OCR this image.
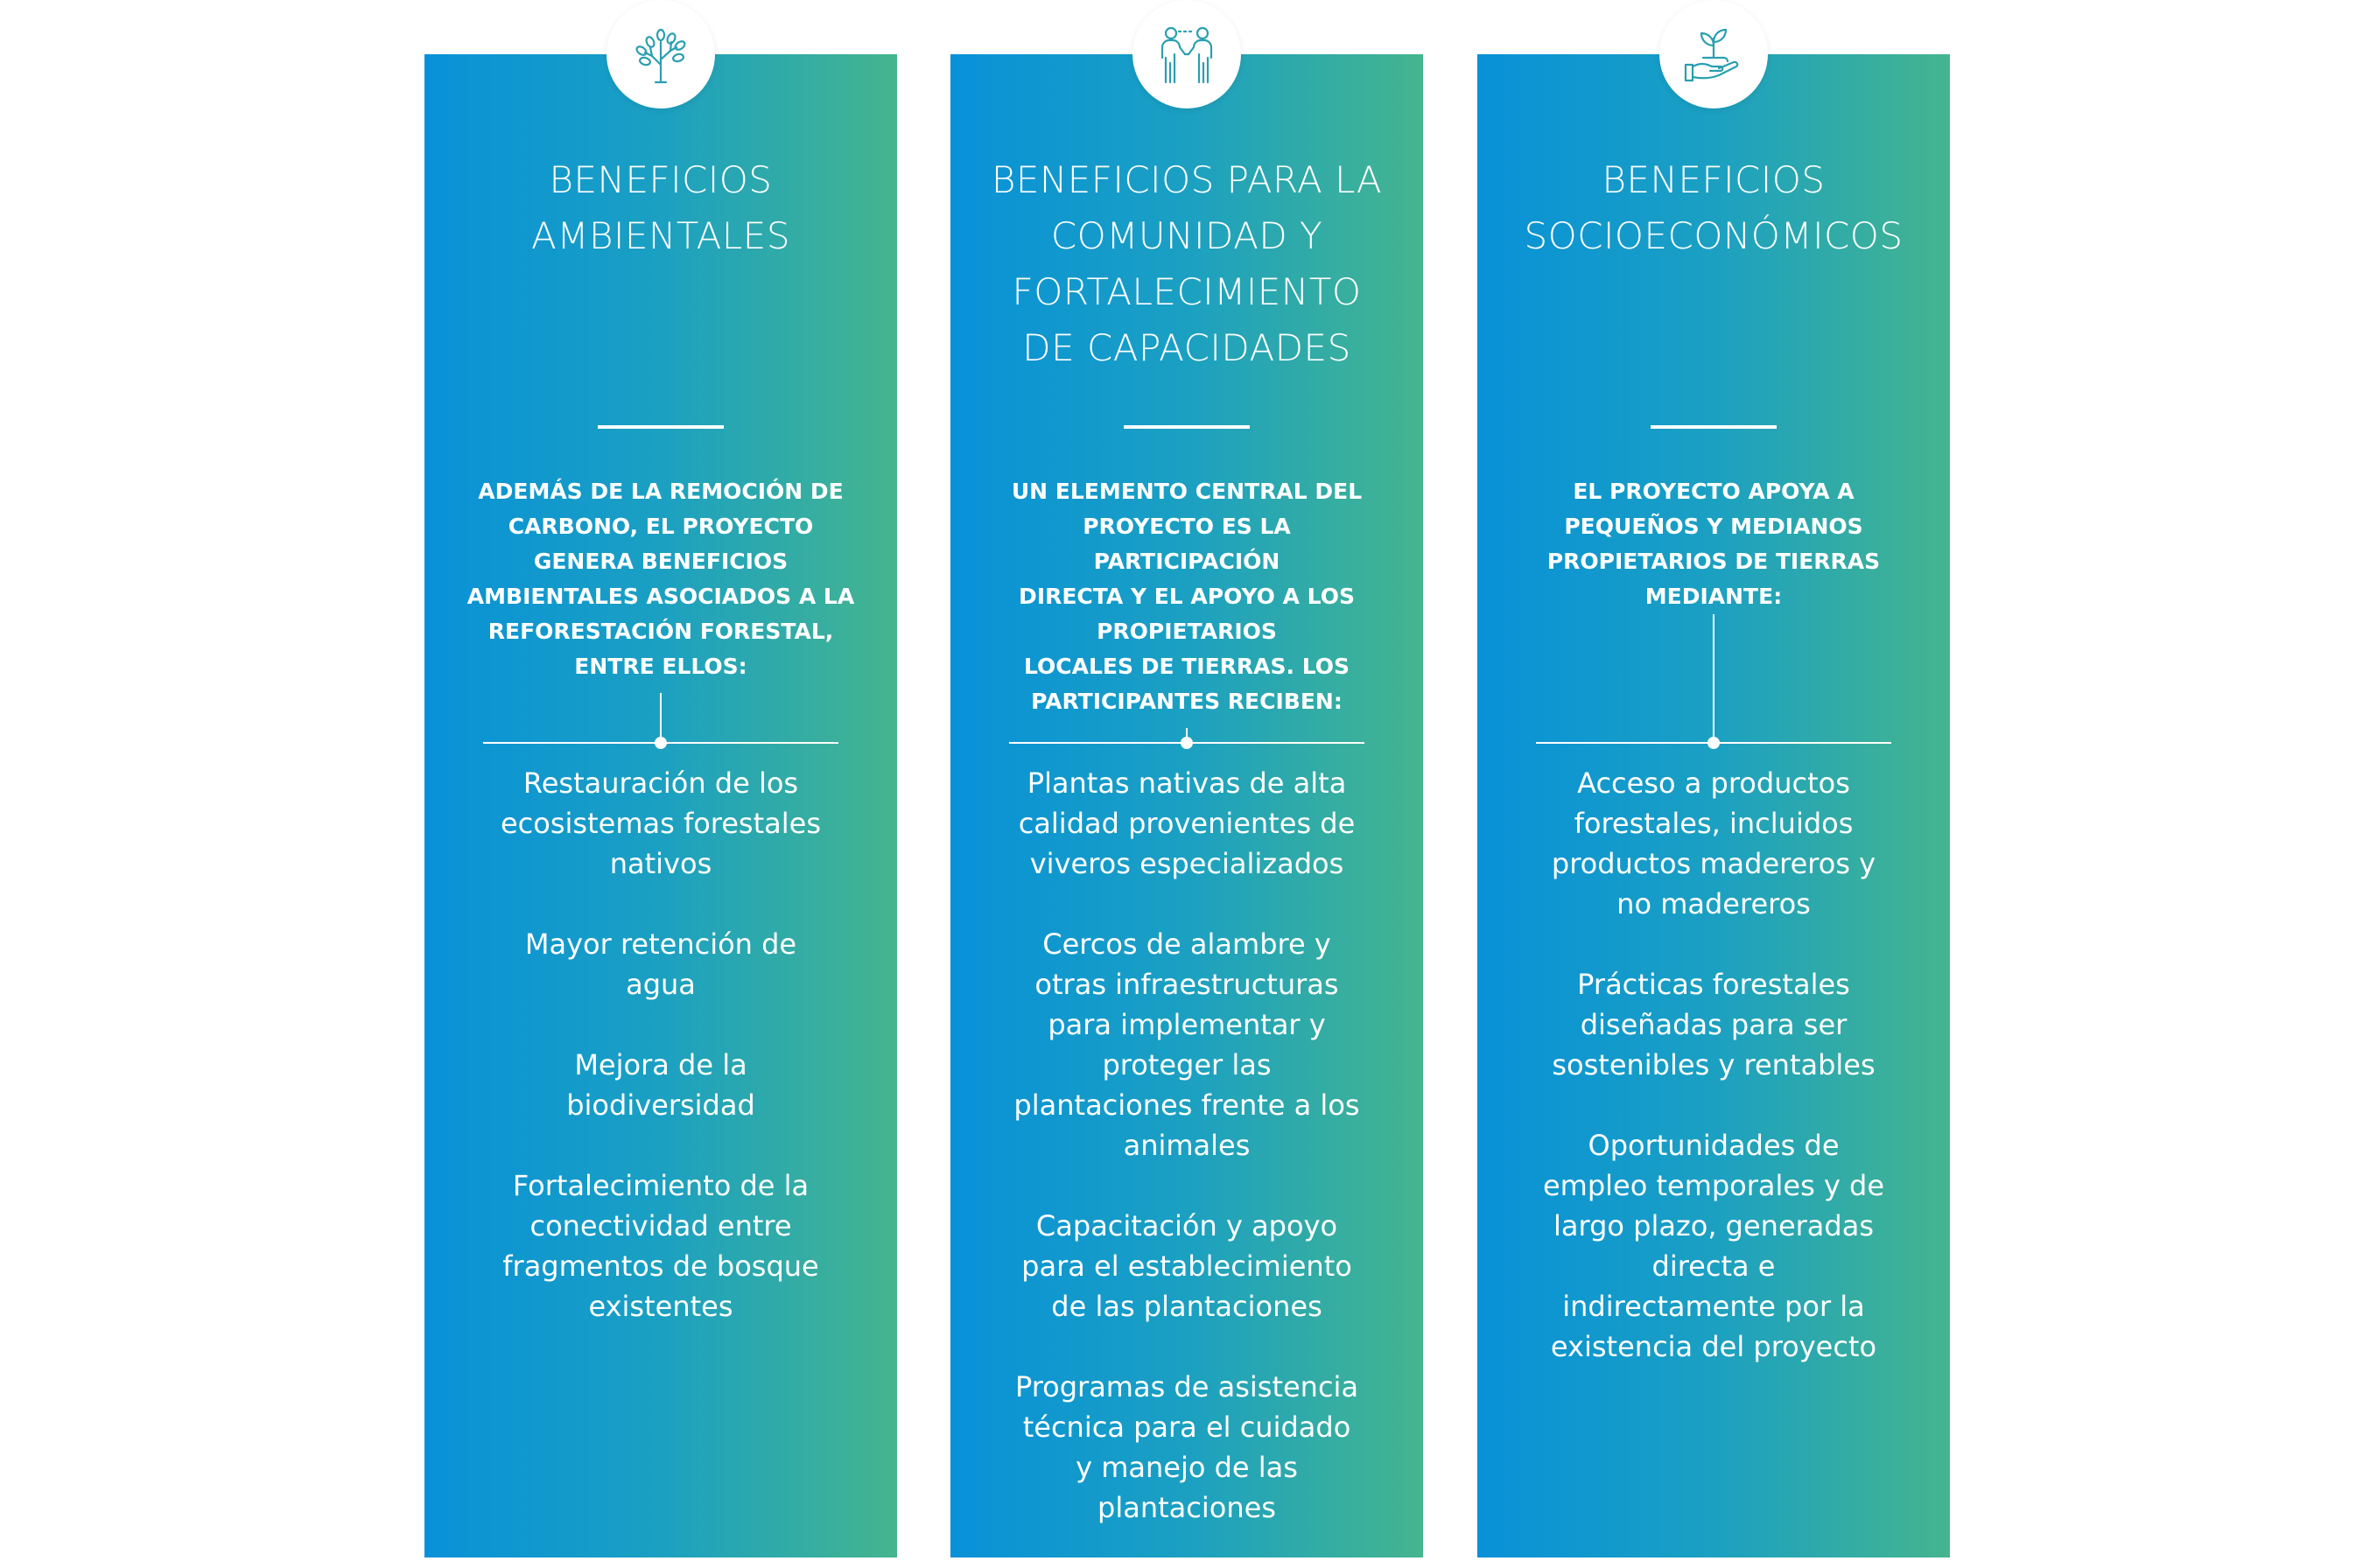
BENEFICIOS
AMBIENTALES

ADEMÁS DE LA REMOCIÓN DE
CARBONO, EL PROYECTO
GENERA BENEFICIOS
AMBIENTALES ASOCIADOS A LA
REFORESTACIÓN FORESTAL,
ENTRE ELLOS:

Restauración de los
ecosistemas forestales
nativos
Mayor retención de
agua
Mejora de la
biodiversidad
Fortalecimiento de la
conectividad entre
fragmentos de bosque
existentes
BENEFICIOS PARA LA
COMUNIDAD Y
FORTALECIMIENTO
DE CAPACIDADES

UN ELEMENTO CENTRAL DEL
PROYECTO ES LA PARTICIPACIÓN
DIRECTA Y EL APOYO A LOS
PROPIETARIOS
LOCALES DE TIERRAS. LOS
PARTICIPANTES RECIBEN:

Plantas nativas de alta
calidad provenientes de
viveros especializados
Cercos de alambre y
otras infraestructuras
para implementar y
proteger las
plantaciones frente a los
animales
Capacitación y apoyo
para el establecimiento
de las plantaciones
Programas de asistencia
técnica para el cuidado
y manejo de las
plantaciones
BENEFICIOS
SOCIOECONÓMICOS

EL PROYECTO APOYA A
PEQUEÑOS Y MEDIANOS
PROPIETARIOS DE TIERRAS
MEDIANTE:

Acceso a productos
forestales, incluidos
productos madereros y
no madereros
Prácticas forestales
diseñadas para ser
sostenibles y rentables
Oportunidades de
empleo temporales y de
largo plazo, generadas
directa e
indirectamente por la
existencia del proyecto
